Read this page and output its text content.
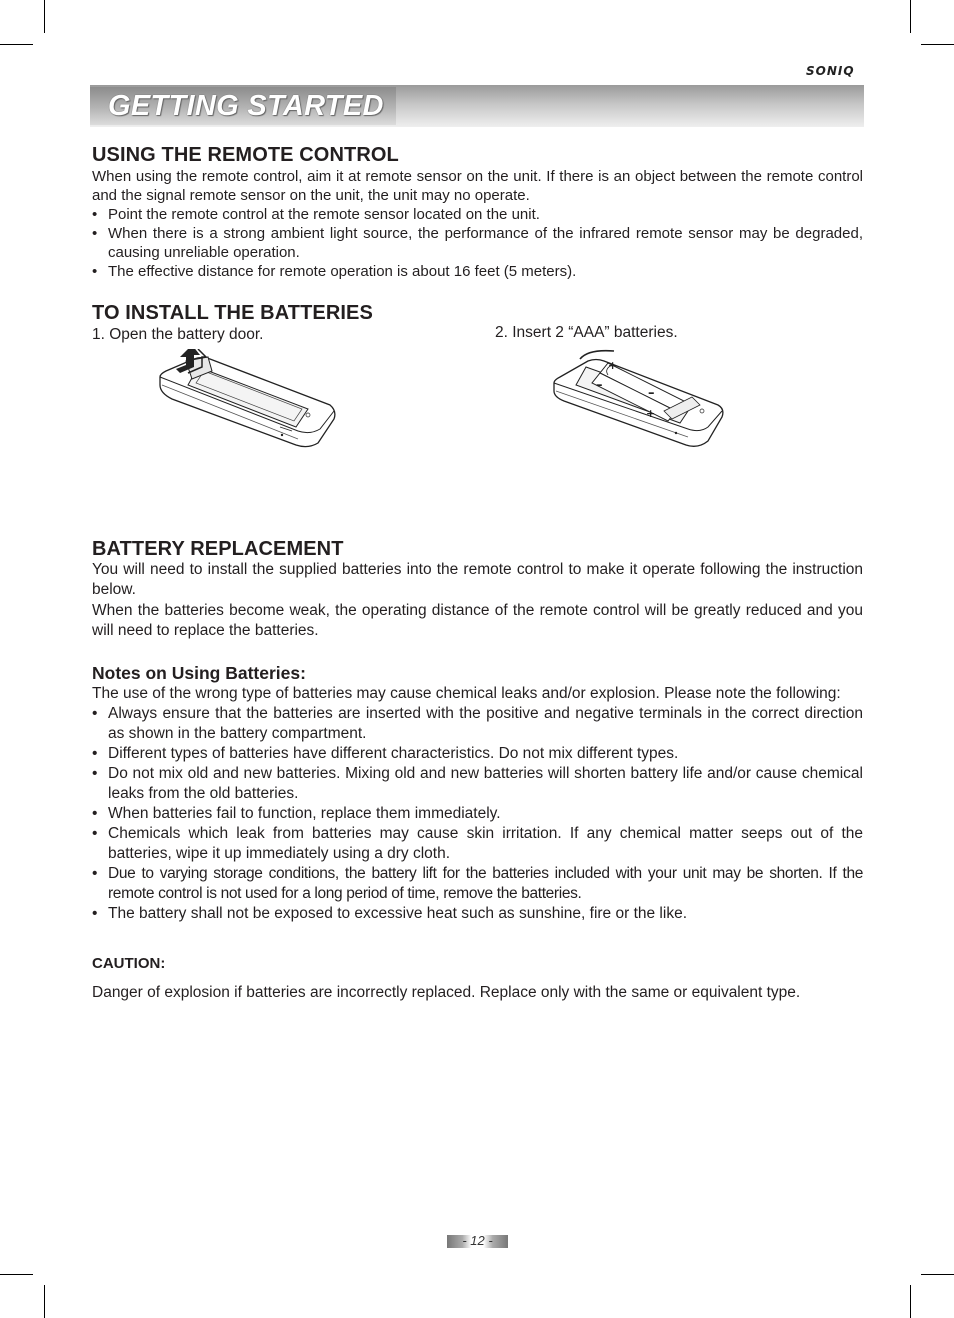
SONIQ
GETTING STARTED
USING THE REMOTE CONTROL

When using the remote control, aim it at remote sensor on the unit. If there is an object between the remote control and the signal remote sensor on the unit, the unit may no operate.

• Point the remote control at the remote sensor located on the unit.
• When there is a strong ambient light source, the performance of the infrared remote sensor may be degraded, causing unreliable operation.
• The effective distance for remote operation is about 16 feet (5 meters).
TO INSTALL THE BATTERIES
1. Open the battery door.	2. Insert 2 “AAA” batteries.
+
–
–
+
BATTERY REPLACEMENT

You will need to install the supplied batteries into the remote control to make it operate following the instruction below.

When the batteries become weak, the operating distance of the remote control will be greatly reduced and you will need to replace the batteries.

Notes on Using Batteries:

The use of the wrong type of batteries may cause chemical leaks and/or explosion. Please note the following:

• Always ensure that the batteries are inserted with the positive and negative terminals in the correct direction as shown in the battery compartment.
• Different types of batteries have different characteristics. Do not mix different types.
• Do not mix old and new batteries. Mixing old and new batteries will shorten battery life and/or cause chemical leaks from the old batteries.
• When batteries fail to function, replace them immediately.
• Chemicals which leak from batteries may cause skin irritation. If any chemical matter seeps out of the batteries, wipe it up immediately using a dry cloth.
• Due to varying storage conditions, the battery lift for the batteries included with your unit may be shorten. If the remote control is not used for a long period of time, remove the batteries.
• The battery shall not be exposed to excessive heat such as sunshine, fire or the like.
CAUTION:

Danger of explosion if batteries are incorrectly replaced. Replace only with the same or equivalent type.

- 12 -
